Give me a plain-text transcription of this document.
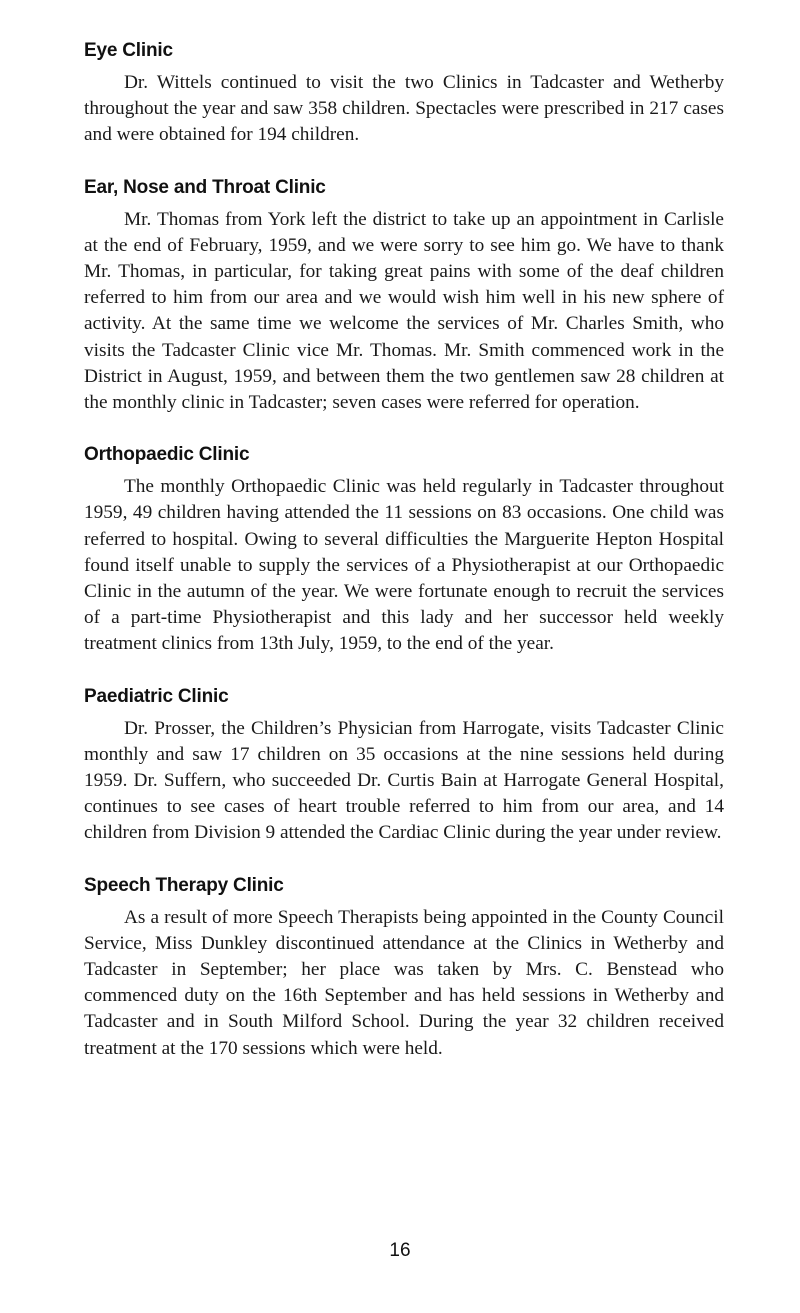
Eye Clinic

Dr. Wittels continued to visit the two Clinics in Tadcaster and Wetherby throughout the year and saw 358 children. Spectacles were prescribed in 217 cases and were obtained for 194 children.

Ear, Nose and Throat Clinic

Mr. Thomas from York left the district to take up an appointment in Carlisle at the end of February, 1959, and we were sorry to see him go. We have to thank Mr. Thomas, in particular, for taking great pains with some of the deaf children referred to him from our area and we would wish him well in his new sphere of activity. At the same time we welcome the services of Mr. Charles Smith, who visits the Tadcaster Clinic vice Mr. Thomas. Mr. Smith commenced work in the District in August, 1959, and between them the two gentlemen saw 28 children at the monthly clinic in Tadcaster; seven cases were referred for operation.

Orthopaedic Clinic

The monthly Orthopaedic Clinic was held regularly in Tadcaster throughout 1959, 49 children having attended the 11 sessions on 83 occasions. One child was referred to hospital. Owing to several difficulties the Marguerite Hepton Hospital found itself unable to supply the services of a Physiotherapist at our Orthopaedic Clinic in the autumn of the year. We were fortunate enough to recruit the services of a part-time Physiotherapist and this lady and her successor held weekly treatment clinics from 13th July, 1959, to the end of the year.

Paediatric Clinic

Dr. Prosser, the Children’s Physician from Harrogate, visits Tadcaster Clinic monthly and saw 17 children on 35 occasions at the nine sessions held during 1959. Dr. Suffern, who succeeded Dr. Curtis Bain at Harrogate General Hospital, continues to see cases of heart trouble referred to him from our area, and 14 children from Division 9 attended the Cardiac Clinic during the year under review.

Speech Therapy Clinic

As a result of more Speech Therapists being appointed in the County Council Service, Miss Dunkley discontinued attendance at the Clinics in Wetherby and Tadcaster in September; her place was taken by Mrs. C. Benstead who commenced duty on the 16th September and has held sessions in Wetherby and Tadcaster and in South Milford School. During the year 32 children received treatment at the 170 sessions which were held.

16
